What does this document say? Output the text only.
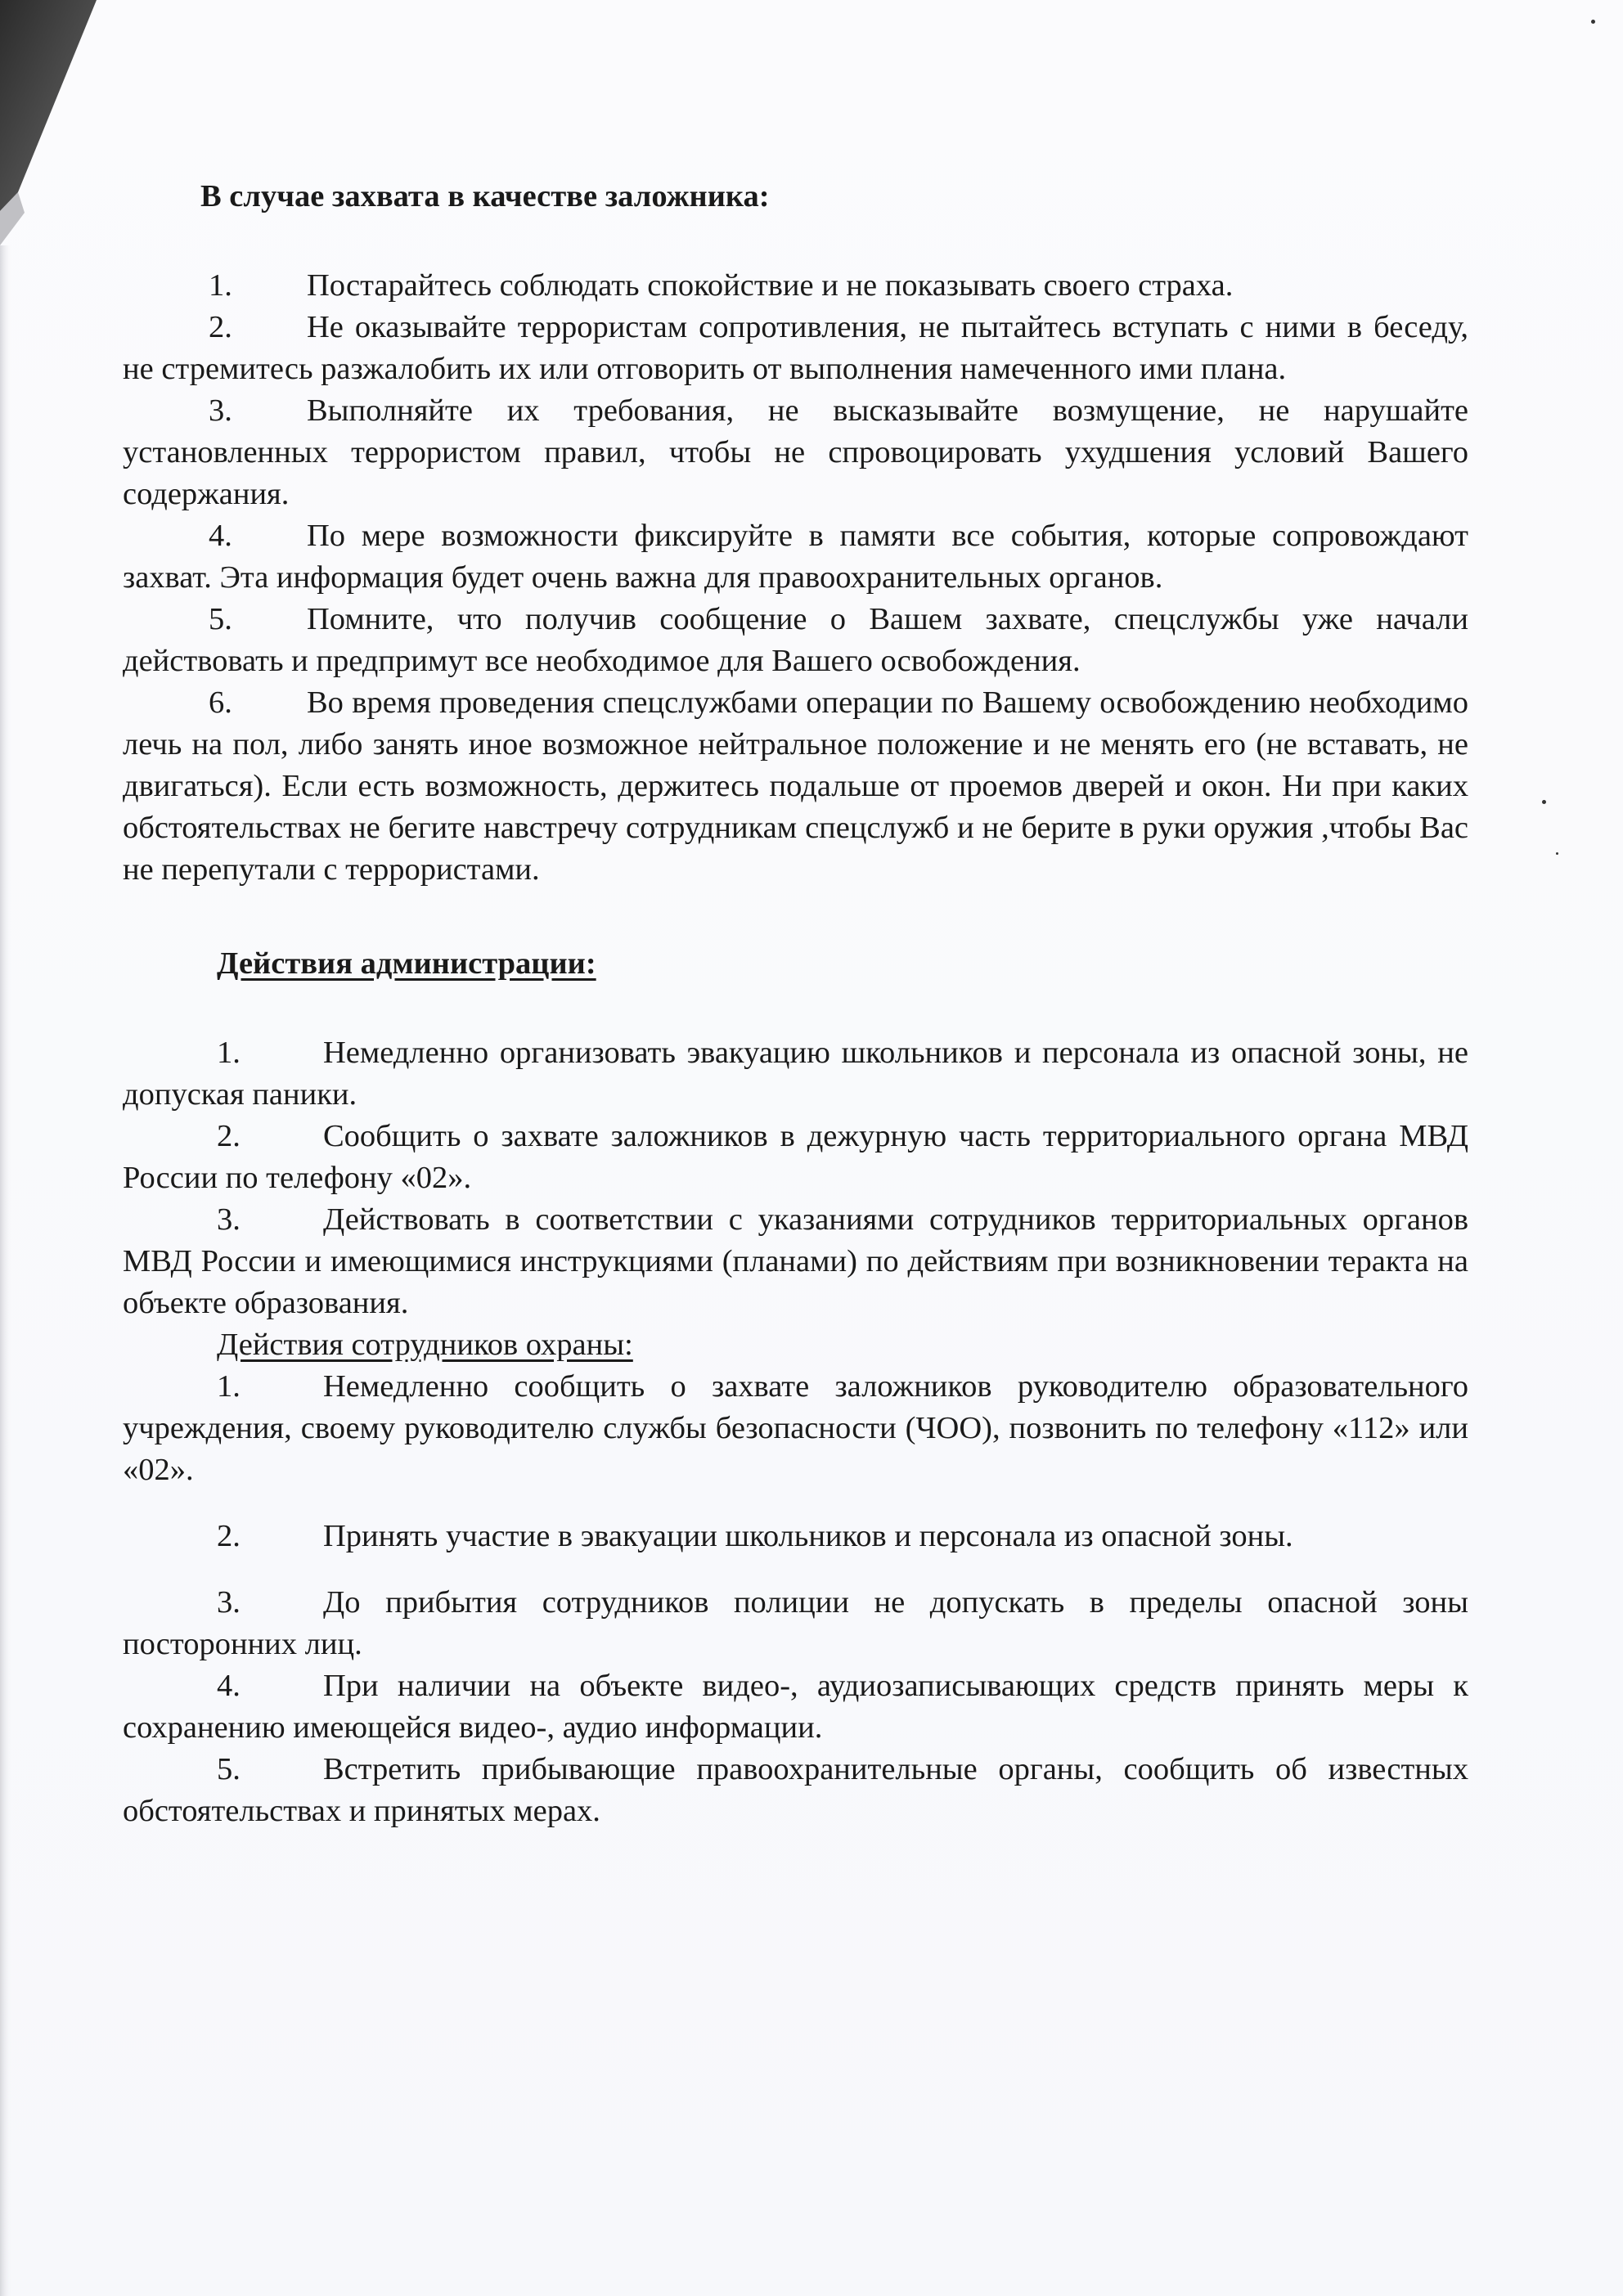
В случае захвата в качестве заложника:

1. Постарайтесь соблюдать спокойствие и не показывать своего страха.

2. Не оказывайте террористам сопротивления, не пытайтесь вступать с ними в беседу, не стремитесь разжалобить их или отговорить от выполнения намеченного ими плана.

3. Выполняйте их требования, не высказывайте возмущение, не нарушайте установленных террористом правил, чтобы не спровоцировать ухудшения условий Вашего содержания.

4. По мере возможности фиксируйте в памяти все события, которые сопровождают захват. Эта информация будет очень важна для правоохранительных органов.

5. Помните, что получив сообщение о Вашем захвате, спецслужбы уже начали действовать и предпримут все необходимое для Вашего освобождения.

6. Во время проведения спецслужбами операции по Вашему освобождению необходимо лечь на пол, либо занять иное возможное нейтральное положение и не менять его (не вставать, не двигаться). Если есть возможность, держитесь подальше от проемов дверей и окон. Ни при каких обстоятельствах не бегите навстречу сотрудникам спецслужб и не берите в руки оружия ,чтобы Вас не перепутали с террористами.

Действия администрации:

1.	Немедленно организовать эвакуацию школьников и персонала из опасной зоны, не допуская паники.

2.	Сообщить о захвате заложников в дежурную часть территориального органа МВД России по телефону «02».

3.	Действовать в соответствии с указаниями сотрудников территориальных органов МВД России и имеющимися инструкциями (планами) по действиям при возникновении теракта на объекте образования.

Действия сотрудников охраны:

1.	Немедленно сообщить о захвате заложников руководителю образовательного учреждения, своему руководителю службы безопасности (ЧОО), позвонить по телефону «112» или «02».

2.	Принять участие в эвакуации школьников и персонала из опасной зоны.

3.	До прибытия сотрудников полиции не допускать в пределы опасной зоны посторонних лиц.

4.	При наличии на объекте видео-, аудиозаписывающих средств принять меры к сохранению имеющейся видео-, аудио информации.

5.	Встретить прибывающие правоохранительные органы, сообщить об известных обстоятельствах и принятых мерах.
